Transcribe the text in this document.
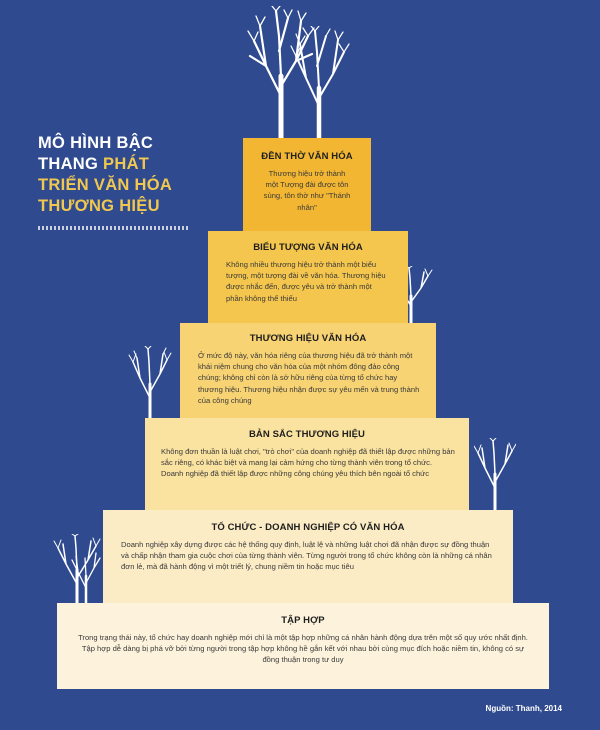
MÔ HÌNH BẬC
THANG PHÁT
TRIỂN VĂN HÓA
THƯƠNG HIỆU
ĐỀN THỜ VĂN HÓA

Thương hiệu trở thành một Tượng đài được tôn sùng, tôn thờ như "Thánh nhân"

BIỂU TƯỢNG VĂN HÓA

Không nhiều thương hiệu trở thành một biểu tượng, một tượng đài về văn hóa. Thương hiệu được nhắc đến, được yêu và trở thành một phần không thể thiếu

THƯƠNG HIỆU VĂN HÓA

Ở mức độ này, văn hóa riêng của thương hiệu đã trở thành một khái niệm chung cho văn hóa của một nhóm đông đảo công chúng; không chỉ còn là sở hữu riêng của từng tổ chức hay thương hiệu. Thương hiệu nhận được sự yêu mến và trung thành của công chúng

BẢN SẮC THƯƠNG HIỆU

Không đơn thuần là luật chơi, "trò chơi" của doanh nghiệp đã thiết lập được những bản sắc riêng, có khác biệt và mang lại cảm hứng cho từng thành viên trong tổ chức. Doanh nghiệp đã thiết lập được những công chúng yêu thích bên ngoài tổ chức

TỔ CHỨC - DOANH NGHIỆP CÓ VĂN HÓA

Doanh nghiệp xây dựng được các hệ thống quy định, luật lệ và những luật chơi đã nhận được sự đồng thuận và chấp nhận tham gia cuộc chơi của từng thành viên. Từng người trong tổ chức không còn là những cá nhân đơn lẻ, mà đã hành động vì một triết lý, chung niềm tin hoặc mục tiêu

TẬP HỢP

Trong trạng thái này, tổ chức hay doanh nghiệp mới chỉ là một tập hợp những cá nhân hành động dựa trên một số quy ước nhất định. Tập hợp dễ dàng bị phá vỡ bởi từng người trong tập hợp không hề gắn kết với nhau bởi cùng mục đích hoặc niềm tin, không có sự đồng thuận trong tư duy

Nguồn: Thanh, 2014
